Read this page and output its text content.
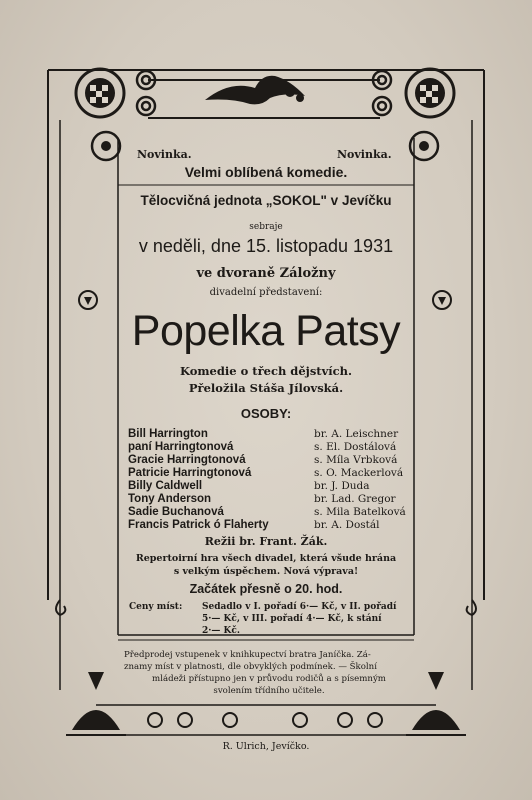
Novinka.	Novinka.
Velmi oblíbená komedie.
Tělocvičná jednota „SOKOL" v Jevíčku
sebraje
v neděli, dne 15. listopadu 1931
ve dvoraně Záložny
divadelní představení:
Popelka Patsy
Komedie o třech dějstvích.
Přeložila Stáša Jílovská.
OSOBY:
Bill Harrington	br. A. Leischner
paní Harringtonová	s. El. Dostálová
Gracie Harringtonová	s. Míla Vrbková
Patricie Harringtonová	s. O. Mackerlová
Billy Caldwell	br. J. Duda
Tony Anderson	br. Lad. Gregor
Sadie Buchanová	s. Mila Batelková
Francis Patrick ó Flaherty	br. A. Dostál
Režii br. Frant. Žák.
Repertoirní hra všech divadel, která všude hrána
s velkým úspěchem. Nová výprava!
Začátek přesně o 20. hod.
Ceny míst: Sedadlo v I. pořadí 6·— Kč, v II. pořadí
5·— Kč, v III. pořadí 4·— Kč, k stání
2·— Kč.
Předprodej vstupenek v knihkupectví bratra Janíčka. Zá-
znamy míst v platnosti, dle obvyklých podmínek. — Školní
mládeži přístupno jen v průvodu rodičů a s písemným
svolením třídního učitele.
R. Ulrich, Jevíčko.
